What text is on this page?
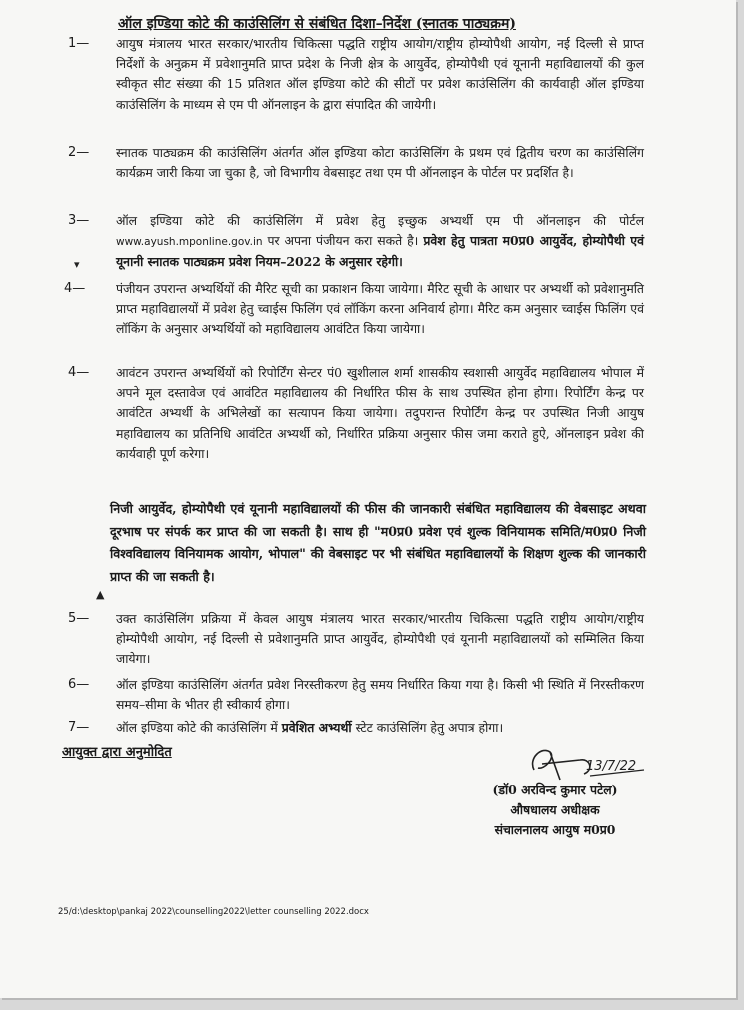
ऑल इण्डिया कोटे की काउंसिलिंग से संबंधित दिशा–निर्देश (स्नातक पाठ्यक्रम)
1— आयुष मंत्रालय भारत सरकार/भारतीय चिकित्सा पद्धति राष्ट्रीय आयोग/राष्ट्रीय होम्योपैथी आयोग, नई दिल्ली से प्राप्त निर्देशों के अनुक्रम में प्रवेशानुमति प्राप्त प्रदेश के निजी क्षेत्र के आयुर्वेद, होम्योपैथी एवं यूनानी महाविद्यालयों की कुल स्वीकृत सीट संख्या की 15 प्रतिशत ऑल इण्डिया कोटे की सीटों पर प्रवेश काउंसिलिंग की कार्यवाही ऑल इण्डिया काउंसिलिंग के माध्यम से एम पी ऑनलाइन के द्वारा संपादित की जायेगी।
2— स्नातक पाठ्यक्रम की काउंसिलिंग अंतर्गत ऑल इण्डिया कोटा काउंसिलिंग के प्रथम एवं द्वितीय चरण का काउंसिलिंग कार्यक्रम जारी किया जा चुका है, जो विभागीय वेबसाइट तथा एम पी ऑनलाइन के पोर्टल पर प्रदर्शित है।
3— ऑल इण्डिया कोटे की काउंसिलिंग में प्रवेश हेतु इच्छुक अभ्यर्थी एम पी ऑनलाइन की पोर्टल www.ayush.mponline.gov.in पर अपना पंजीयन करा सकते है। प्रवेश हेतु पात्रता म0प्र0 आयुर्वेद, होम्योपैथी एवं यूनानी स्नातक पाठ्यक्रम प्रवेश नियम–2022 के अनुसार रहेगी।
▾
4— पंजीयन उपरान्त अभ्यर्थियों की मैरिट सूची का प्रकाशन किया जायेगा। मैरिट सूची के आधार पर अभ्यर्थी को प्रवेशानुमति प्राप्त महाविद्यालयों में प्रवेश हेतु च्वाईस फिलिंग एवं लॉकिंग करना अनिवार्य होगा। मैरिट कम अनुसार च्वाईस फिलिंग एवं लॉकिंग के अनुसार अभ्यर्थियों को महाविद्यालय आवंटित किया जायेगा।
4— आवंटन उपरान्त अभ्यर्थियों को रिपोर्टिंग सेन्टर पं0 खुशीलाल शर्मा शासकीय स्वशासी आयुर्वेद महाविद्यालय भोपाल में अपने मूल दस्तावेज एवं आवंटित महाविद्यालय की निर्धारित फीस के साथ उपस्थित होना होगा। रिपोर्टिंग केन्द्र पर आवंटित अभ्यर्थी के अभिलेखों का सत्यापन किया जायेगा। तदुपरान्त रिपोर्टिंग केन्द्र पर उपस्थित निजी आयुष महाविद्यालय का प्रतिनिधि आवंटित अभ्यर्थी को, निर्धारित प्रक्रिया अनुसार फीस जमा कराते हुऐ, ऑनलाइन प्रवेश की कार्यवाही पूर्ण करेगा।
निजी आयुर्वेद, होम्योपैथी एवं यूनानी महाविद्यालयों की फीस की जानकारी संबंधित महाविद्यालय की वेबसाइट अथवा दूरभाष पर संपर्क कर प्राप्त की जा सकती है। साथ ही "म0प्र0 प्रवेश एवं शुल्क विनियामक समिति/म0प्र0 निजी विश्वविद्यालय विनियामक आयोग, भोपाल" की वेबसाइट पर भी संबंधित महाविद्यालयों के शिक्षण शुल्क की जानकारी प्राप्त की जा सकती है।
▲
5— उक्त काउंसिलिंग प्रक्रिया में केवल आयुष मंत्रालय भारत सरकार/भारतीय चिकित्सा पद्धति राष्ट्रीय आयोग/राष्ट्रीय होम्योपैथी आयोग, नई दिल्ली से प्रवेशानुमति प्राप्त आयुर्वेद, होम्योपैथी एवं यूनानी महाविद्यालयों को सम्मिलित किया जायेगा।
6— ऑल इण्डिया काउंसिलिंग अंतर्गत प्रवेश निरस्तीकरण हेतु समय निर्धारित किया गया है। किसी भी स्थिति में निरस्तीकरण समय–सीमा के भीतर ही स्वीकार्य होगा।
7— ऑल इण्डिया कोटे की काउंसिलिंग में प्रवेशित अभ्यर्थी स्टेट काउंसिलिंग हेतु अपात्र होगा।
आयुक्त द्वारा अनुमोदित
13/7/22
(डॉ0 अरविन्द कुमार पटेल)
औषधालय अधीक्षक
संचालनालय आयुष म0प्र0
25/d:\desktop\pankaj 2022\counselling2022\letter counselling 2022.docx
